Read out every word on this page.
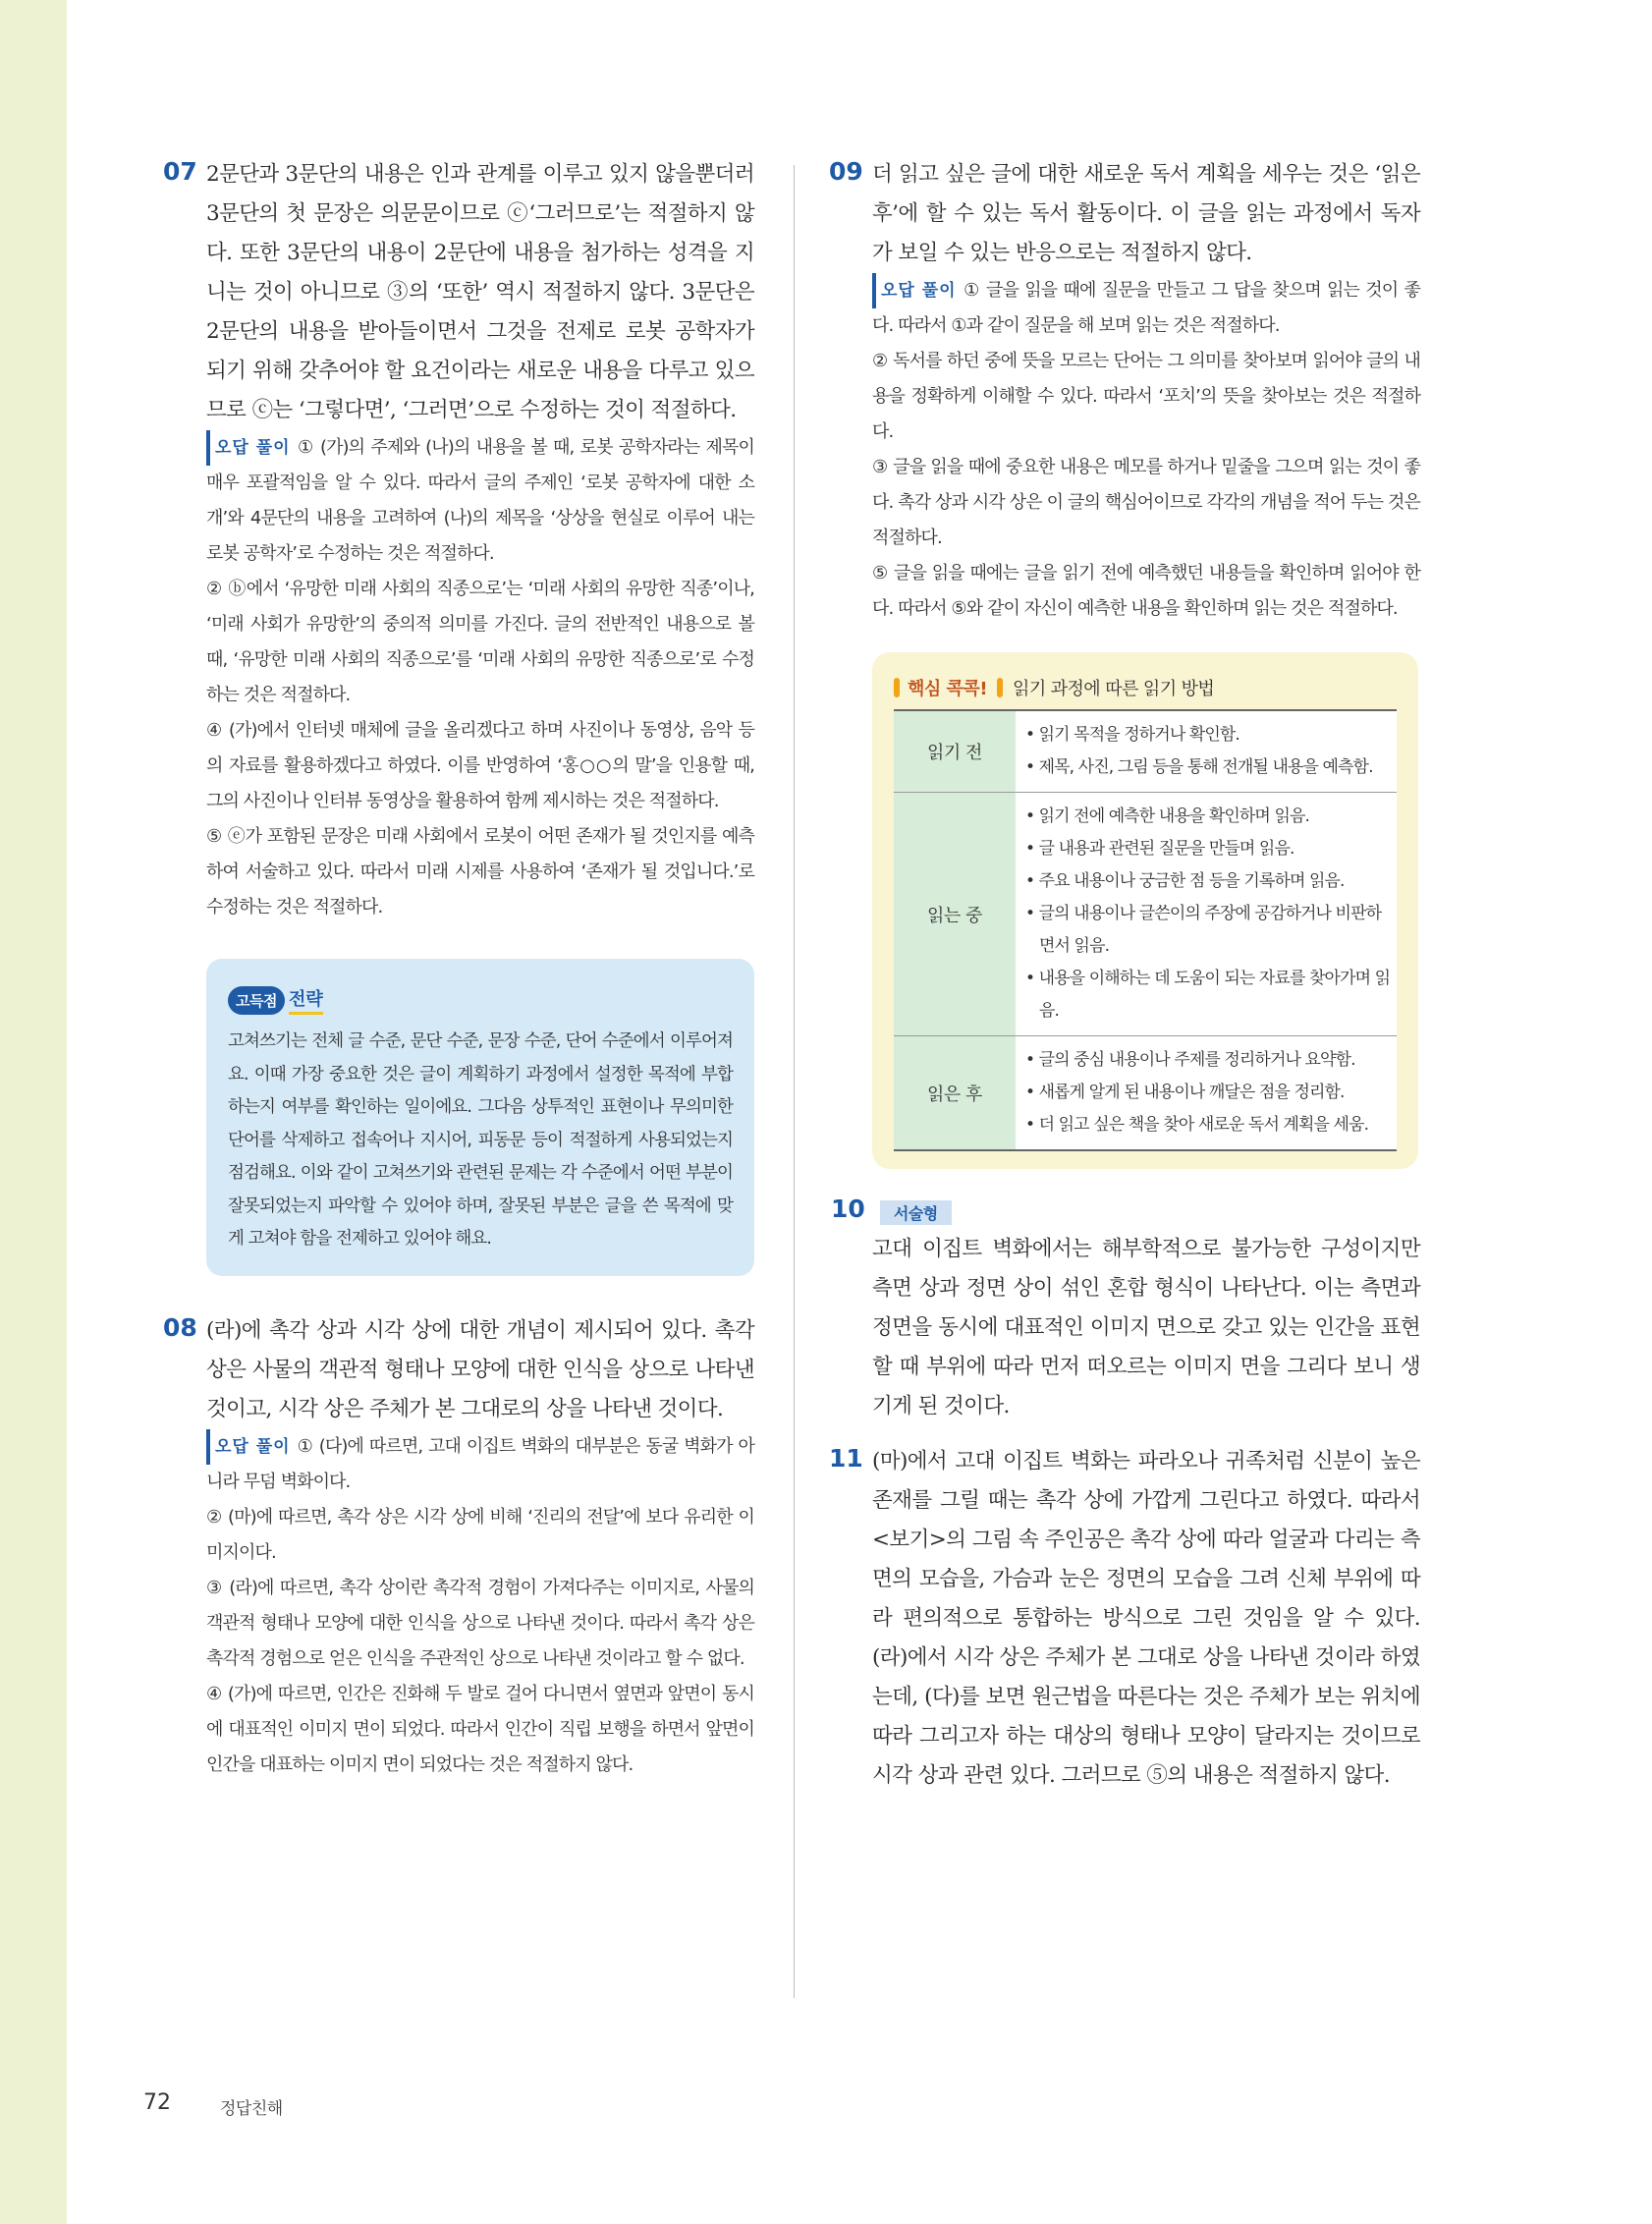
07 2문단과 3문단의 내용은 인과 관계를 이루고 있지 않을뿐더러 3문단의 첫 문장은 의문문이므로 ⓒ‘그러므로’는 적절하지 않다. 또한 3문단의 내용이 2문단에 내용을 첨가하는 성격을 지니는 것이 아니므로 ③의 ‘또한’ 역시 적절하지 않다. 3문단은 2문단의 내용을 받아들이면서 그것을 전제로 로봇 공학자가 되기 위해 갖추어야 할 요건이라는 새로운 내용을 다루고 있으므로 ⓒ는 ‘그렇다면’, ‘그러면’으로 수정하는 것이 적절하다.

오답 풀이 ① (가)의 주제와 (나)의 내용을 볼 때, 로봇 공학자라는 제목이 매우 포괄적임을 알 수 있다. 따라서 글의 주제인 ‘로봇 공학자에 대한 소개’와 4문단의 내용을 고려하여 (나)의 제목을 ‘상상을 현실로 이루어 내는 로봇 공학자’로 수정하는 것은 적절하다.

② ⓑ에서 ‘유망한 미래 사회의 직종으로’는 ‘미래 사회의 유망한 직종’이나, ‘미래 사회가 유망한’의 중의적 의미를 가진다. 글의 전반적인 내용으로 볼 때, ‘유망한 미래 사회의 직종으로’를 ‘미래 사회의 유망한 직종으로’로 수정하는 것은 적절하다.

④ (가)에서 인터넷 매체에 글을 올리겠다고 하며 사진이나 동영상, 음악 등의 자료를 활용하겠다고 하였다. 이를 반영하여 ‘홍○○의 말’을 인용할 때, 그의 사진이나 인터뷰 동영상을 활용하여 함께 제시하는 것은 적절하다.

⑤ ⓔ가 포함된 문장은 미래 사회에서 로봇이 어떤 존재가 될 것인지를 예측하여 서술하고 있다. 따라서 미래 시제를 사용하여 ‘존재가 될 것입니다.’로 수정하는 것은 적절하다.

고득점 전략

고쳐쓰기는 전체 글 수준, 문단 수준, 문장 수준, 단어 수준에서 이루어져요. 이때 가장 중요한 것은 글이 계획하기 과정에서 설정한 목적에 부합하는지 여부를 확인하는 일이에요. 그다음 상투적인 표현이나 무의미한 단어를 삭제하고 접속어나 지시어, 피동문 등이 적절하게 사용되었는지 점검해요. 이와 같이 고쳐쓰기와 관련된 문제는 각 수준에서 어떤 부분이 잘못되었는지 파악할 수 있어야 하며, 잘못된 부분은 글을 쓴 목적에 맞게 고쳐야 함을 전제하고 있어야 해요.

08 (라)에 촉각 상과 시각 상에 대한 개념이 제시되어 있다. 촉각 상은 사물의 객관적 형태나 모양에 대한 인식을 상으로 나타낸 것이고, 시각 상은 주체가 본 그대로의 상을 나타낸 것이다.

오답 풀이 ① (다)에 따르면, 고대 이집트 벽화의 대부분은 동굴 벽화가 아니라 무덤 벽화이다.

② (마)에 따르면, 촉각 상은 시각 상에 비해 ‘진리의 전달’에 보다 유리한 이미지이다.

③ (라)에 따르면, 촉각 상이란 촉각적 경험이 가져다주는 이미지로, 사물의 객관적 형태나 모양에 대한 인식을 상으로 나타낸 것이다. 따라서 촉각 상은 촉각적 경험으로 얻은 인식을 주관적인 상으로 나타낸 것이라고 할 수 없다.

④ (가)에 따르면, 인간은 진화해 두 발로 걸어 다니면서 옆면과 앞면이 동시에 대표적인 이미지 면이 되었다. 따라서 인간이 직립 보행을 하면서 앞면이 인간을 대표하는 이미지 면이 되었다는 것은 적절하지 않다.

09 더 읽고 싶은 글에 대한 새로운 독서 계획을 세우는 것은 ‘읽은 후’에 할 수 있는 독서 활동이다. 이 글을 읽는 과정에서 독자가 보일 수 있는 반응으로는 적절하지 않다.

오답 풀이 ① 글을 읽을 때에 질문을 만들고 그 답을 찾으며 읽는 것이 좋다. 따라서 ①과 같이 질문을 해 보며 읽는 것은 적절하다.

② 독서를 하던 중에 뜻을 모르는 단어는 그 의미를 찾아보며 읽어야 글의 내용을 정확하게 이해할 수 있다. 따라서 ‘포치’의 뜻을 찾아보는 것은 적절하다.

③ 글을 읽을 때에 중요한 내용은 메모를 하거나 밑줄을 그으며 읽는 것이 좋다. 촉각 상과 시각 상은 이 글의 핵심어이므로 각각의 개념을 적어 두는 것은 적절하다.

⑤ 글을 읽을 때에는 글을 읽기 전에 예측했던 내용들을 확인하며 읽어야 한다. 따라서 ⑤와 같이 자신이 예측한 내용을 확인하며 읽는 것은 적절하다.

핵심 콕콕! 읽기 과정에 따른 읽기 방법
읽기 전	• 읽기 목적을 정하거나 확인함.

• 제목, 사진, 그림 등을 통해 전개될 내용을 예측함.

읽는 중	• 읽기 전에 예측한 내용을 확인하며 읽음.

• 글 내용과 관련된 질문을 만들며 읽음.

• 주요 내용이나 궁금한 점 등을 기록하며 읽음.

• 글의 내용이나 글쓴이의 주장에 공감하거나 비판하면서 읽음.

• 내용을 이해하는 데 도움이 되는 자료를 찾아가며 읽음.

읽은 후	• 글의 중심 내용이나 주제를 정리하거나 요약함.

• 새롭게 알게 된 내용이나 깨달은 점을 정리함.

• 더 읽고 싶은 책을 찾아 새로운 독서 계획을 세움.

10 서술형

고대 이집트 벽화에서는 해부학적으로 불가능한 구성이지만 측면 상과 정면 상이 섞인 혼합 형식이 나타난다. 이는 측면과 정면을 동시에 대표적인 이미지 면으로 갖고 있는 인간을 표현할 때 부위에 따라 먼저 떠오르는 이미지 면을 그리다 보니 생기게 된 것이다.

11 (마)에서 고대 이집트 벽화는 파라오나 귀족처럼 신분이 높은 존재를 그릴 때는 촉각 상에 가깝게 그린다고 하였다. 따라서 <보기>의 그림 속 주인공은 촉각 상에 따라 얼굴과 다리는 측면의 모습을, 가슴과 눈은 정면의 모습을 그려 신체 부위에 따라 편의적으로 통합하는 방식으로 그린 것임을 알 수 있다. (라)에서 시각 상은 주체가 본 그대로 상을 나타낸 것이라 하였는데, (다)를 보면 원근법을 따른다는 것은 주체가 보는 위치에 따라 그리고자 하는 대상의 형태나 모양이 달라지는 것이므로 시각 상과 관련 있다. 그러므로 ⑤의 내용은 적절하지 않다.

72	정답친해
